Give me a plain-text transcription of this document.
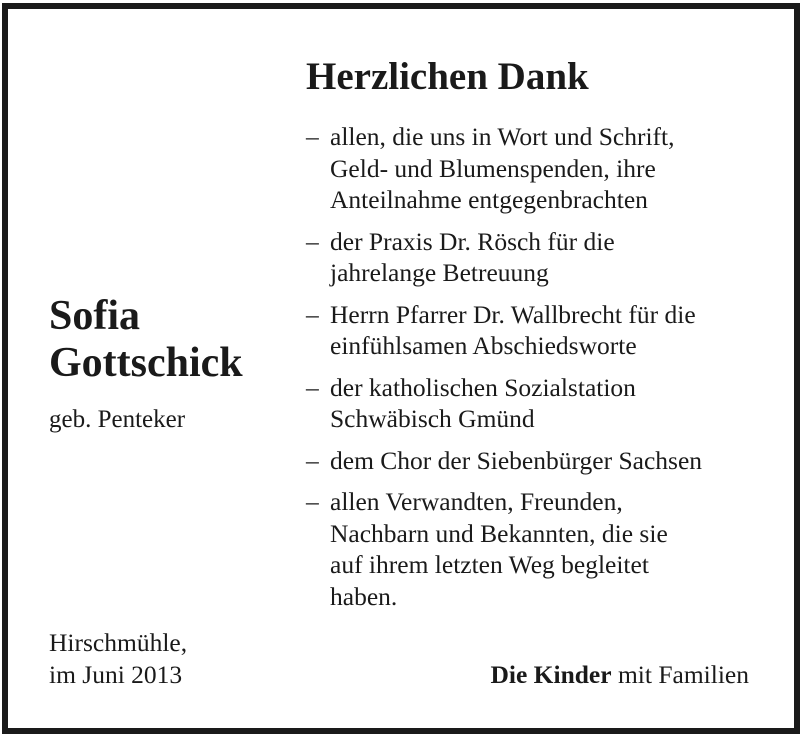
Herzlichen Dank
Sofia
Gottschick
geb. Penteker
– allen, die uns in Wort und Schrift,
Geld- und Blumenspenden, ihre
Anteilnahme entgegenbrachten
– der Praxis Dr. Rösch für die
jahrelange Betreuung
– Herrn Pfarrer Dr. Wallbrecht für die
einfühlsamen Abschiedsworte
– der katholischen Sozialstation
Schwäbisch Gmünd
– dem Chor der Siebenbürger Sachsen
– allen Verwandten, Freunden,
Nachbarn und Bekannten, die sie
auf ihrem letzten Weg begleitet
haben.
Hirschmühle,
im Juni 2013	Die Kinder mit Familien
